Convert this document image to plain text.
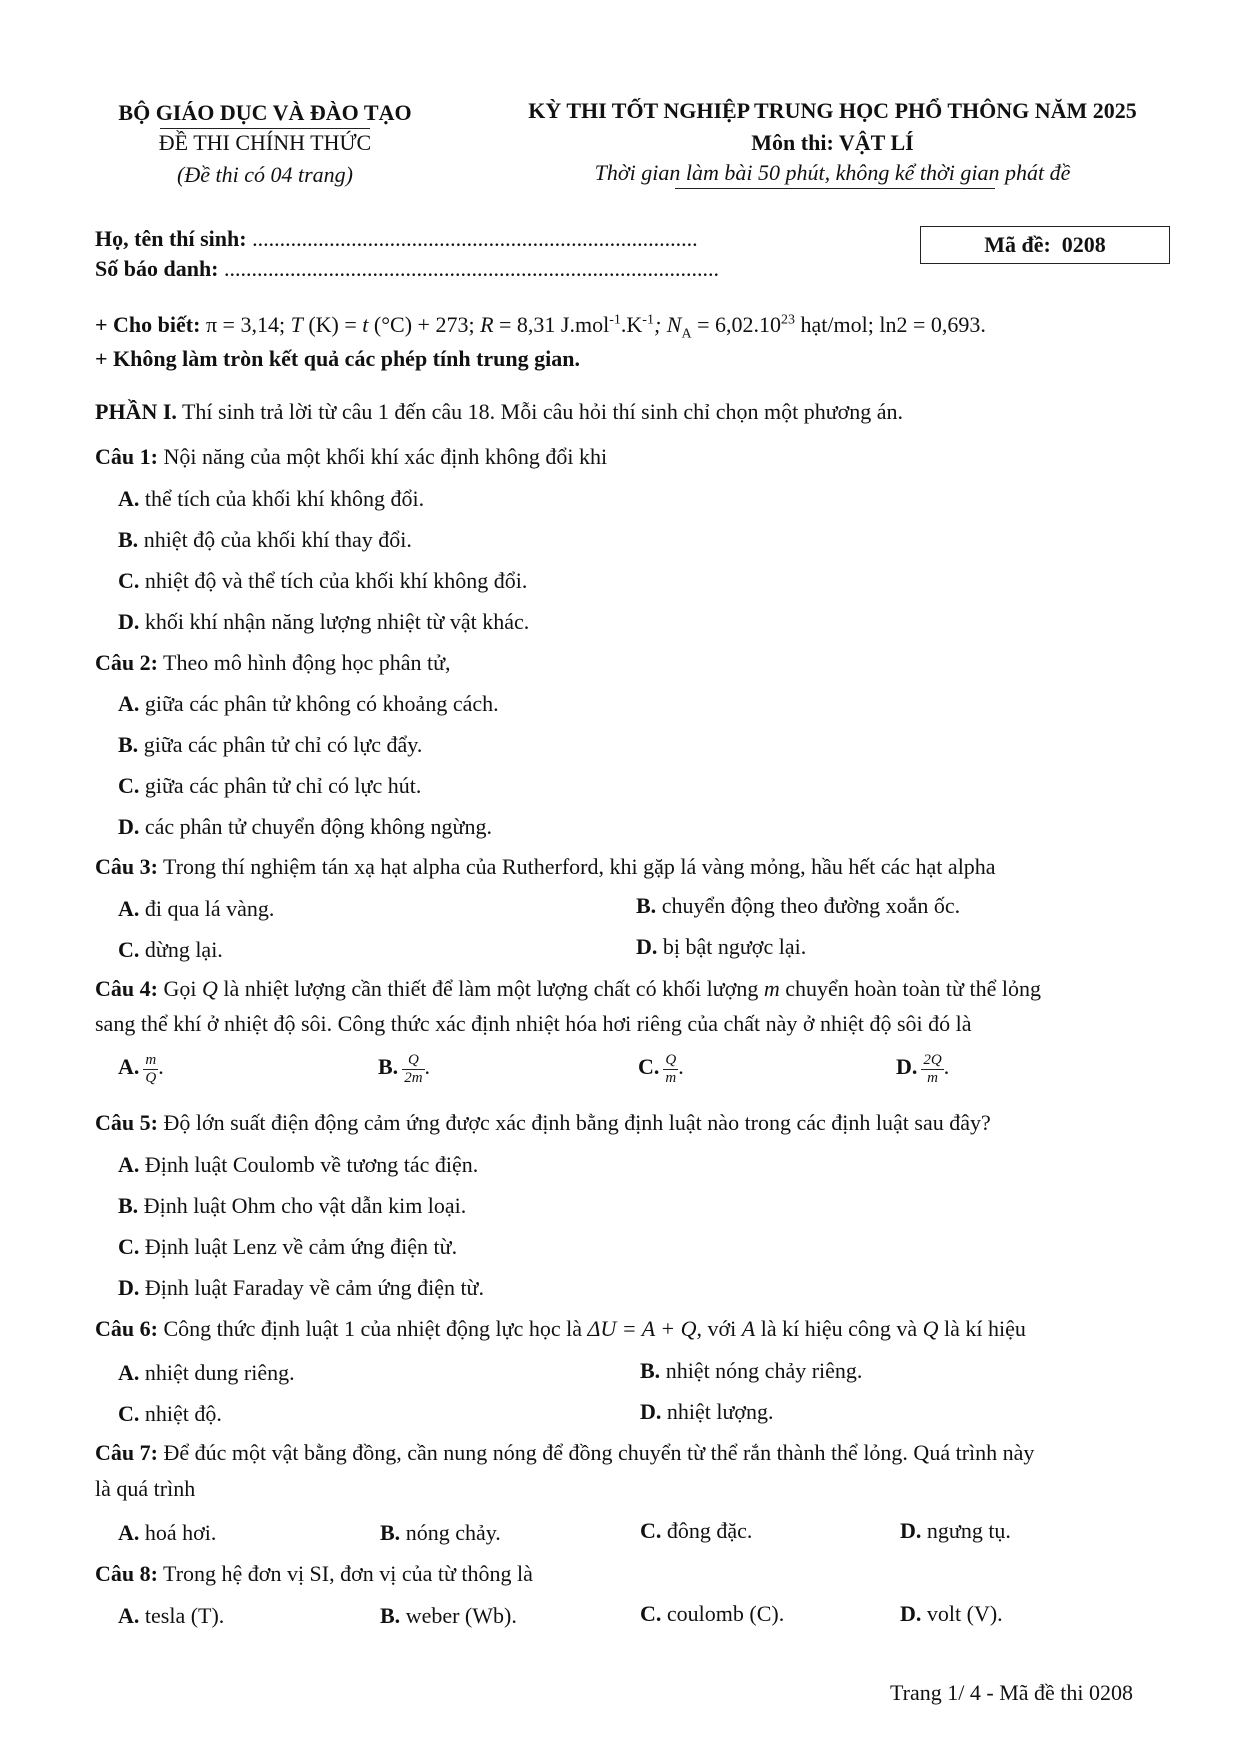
BỘ GIÁO DỤC VÀ ĐÀO TẠO
ĐỀ THI CHÍNH THỨC
(Đề thi có 04 trang)
KỲ THI TỐT NGHIỆP TRUNG HỌC PHỔ THÔNG NĂM 2025
Môn thi: VẬT LÍ
Thời gian làm bài 50 phút, không kể thời gian phát đề
Họ, tên thí sinh: .................................................................................
Số báo danh: ..........................................................................................
Mã đề: 0208
+ Cho biết: π = 3,14; T (K) = t (°C) + 273; R = 8,31 $J.mol^{-1}.K^{-1}$; $N_A = 6,02.10^{23}$ hạt/mol; ln2 = 0,693.
+ Không làm tròn kết quả các phép tính trung gian.
PHẦN I. Thí sinh trả lời từ câu 1 đến câu 18. Mỗi câu hỏi thí sinh chỉ chọn một phương án.
Câu 1: Nội năng của một khối khí xác định không đổi khi
A. thể tích của khối khí không đổi.
B. nhiệt độ của khối khí thay đổi.
C. nhiệt độ và thể tích của khối khí không đổi.
D. khối khí nhận năng lượng nhiệt từ vật khác.
Câu 2: Theo mô hình động học phân tử,
A. giữa các phân tử không có khoảng cách.
B. giữa các phân tử chỉ có lực đẩy.
C. giữa các phân tử chỉ có lực hút.
D. các phân tử chuyển động không ngừng.
Câu 3: Trong thí nghiệm tán xạ hạt alpha của Rutherford, khi gặp lá vàng mỏng, hầu hết các hạt alpha
A. đi qua lá vàng.	B. chuyển động theo đường xoắn ốc.
C. dừng lại.	D. bị bật ngược lại.
Câu 4: Gọi Q là nhiệt lượng cần thiết để làm một lượng chất có khối lượng m chuyển hoàn toàn từ thể lỏng
sang thể khí ở nhiệt độ sôi. Công thức xác định nhiệt hóa hơi riêng của chất này ở nhiệt độ sôi đó là
A. $\frac{m}{Q}$ .	B. $\frac{Q}{2m}$ .	C. $\frac{Q}{m}$ .	D. $\frac{2Q}{m}$ .
Câu 5: Độ lớn suất điện động cảm ứng được xác định bằng định luật nào trong các định luật sau đây?
A. Định luật Coulomb về tương tác điện.
B. Định luật Ohm cho vật dẫn kim loại.
C. Định luật Lenz về cảm ứng điện từ.
D. Định luật Faraday về cảm ứng điện từ.
Câu 6: Công thức định luật 1 của nhiệt động lực học là ΔU = A + Q, với A là kí hiệu công và Q là kí hiệu
A. nhiệt dung riêng.	B. nhiệt nóng chảy riêng.
C. nhiệt độ.	D. nhiệt lượng.
Câu 7: Để đúc một vật bằng đồng, cần nung nóng để đồng chuyển từ thể rắn thành thể lỏng. Quá trình này
là quá trình
A. hoá hơi.	B. nóng chảy.	C. đông đặc.	D. ngưng tụ.
Câu 8: Trong hệ đơn vị SI, đơn vị của từ thông là
A. tesla (T).	B. weber (Wb).	C. coulomb (C).	D. volt (V).
Trang 1/ 4 - Mã đề thi 0208
